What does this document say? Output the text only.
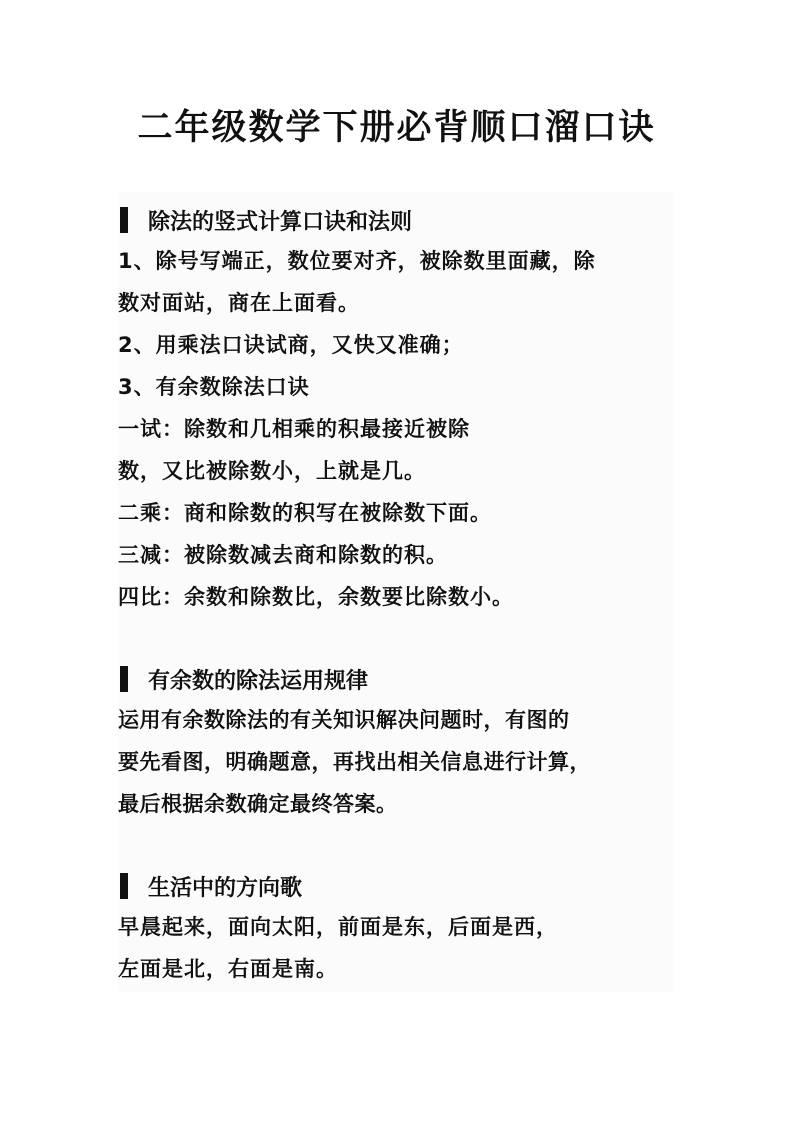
二年级数学下册必背顺口溜口诀
除法的竖式计算口诀和法则
1、除号写端正，数位要对齐，被除数里面藏，除
数对面站，商在上面看。
2、用乘法口诀试商，又快又准确；
3、有余数除法口诀
一试：除数和几相乘的积最接近被除
数，又比被除数小，上就是几。
二乘：商和除数的积写在被除数下面。
三减：被除数减去商和除数的积。
四比：余数和除数比，余数要比除数小。
有余数的除法运用规律
运用有余数除法的有关知识解决问题时，有图的
要先看图，明确题意，再找出相关信息进行计算，
最后根据余数确定最终答案。
生活中的方向歌
早晨起来，面向太阳，前面是东，后面是西，
左面是北，右面是南。
